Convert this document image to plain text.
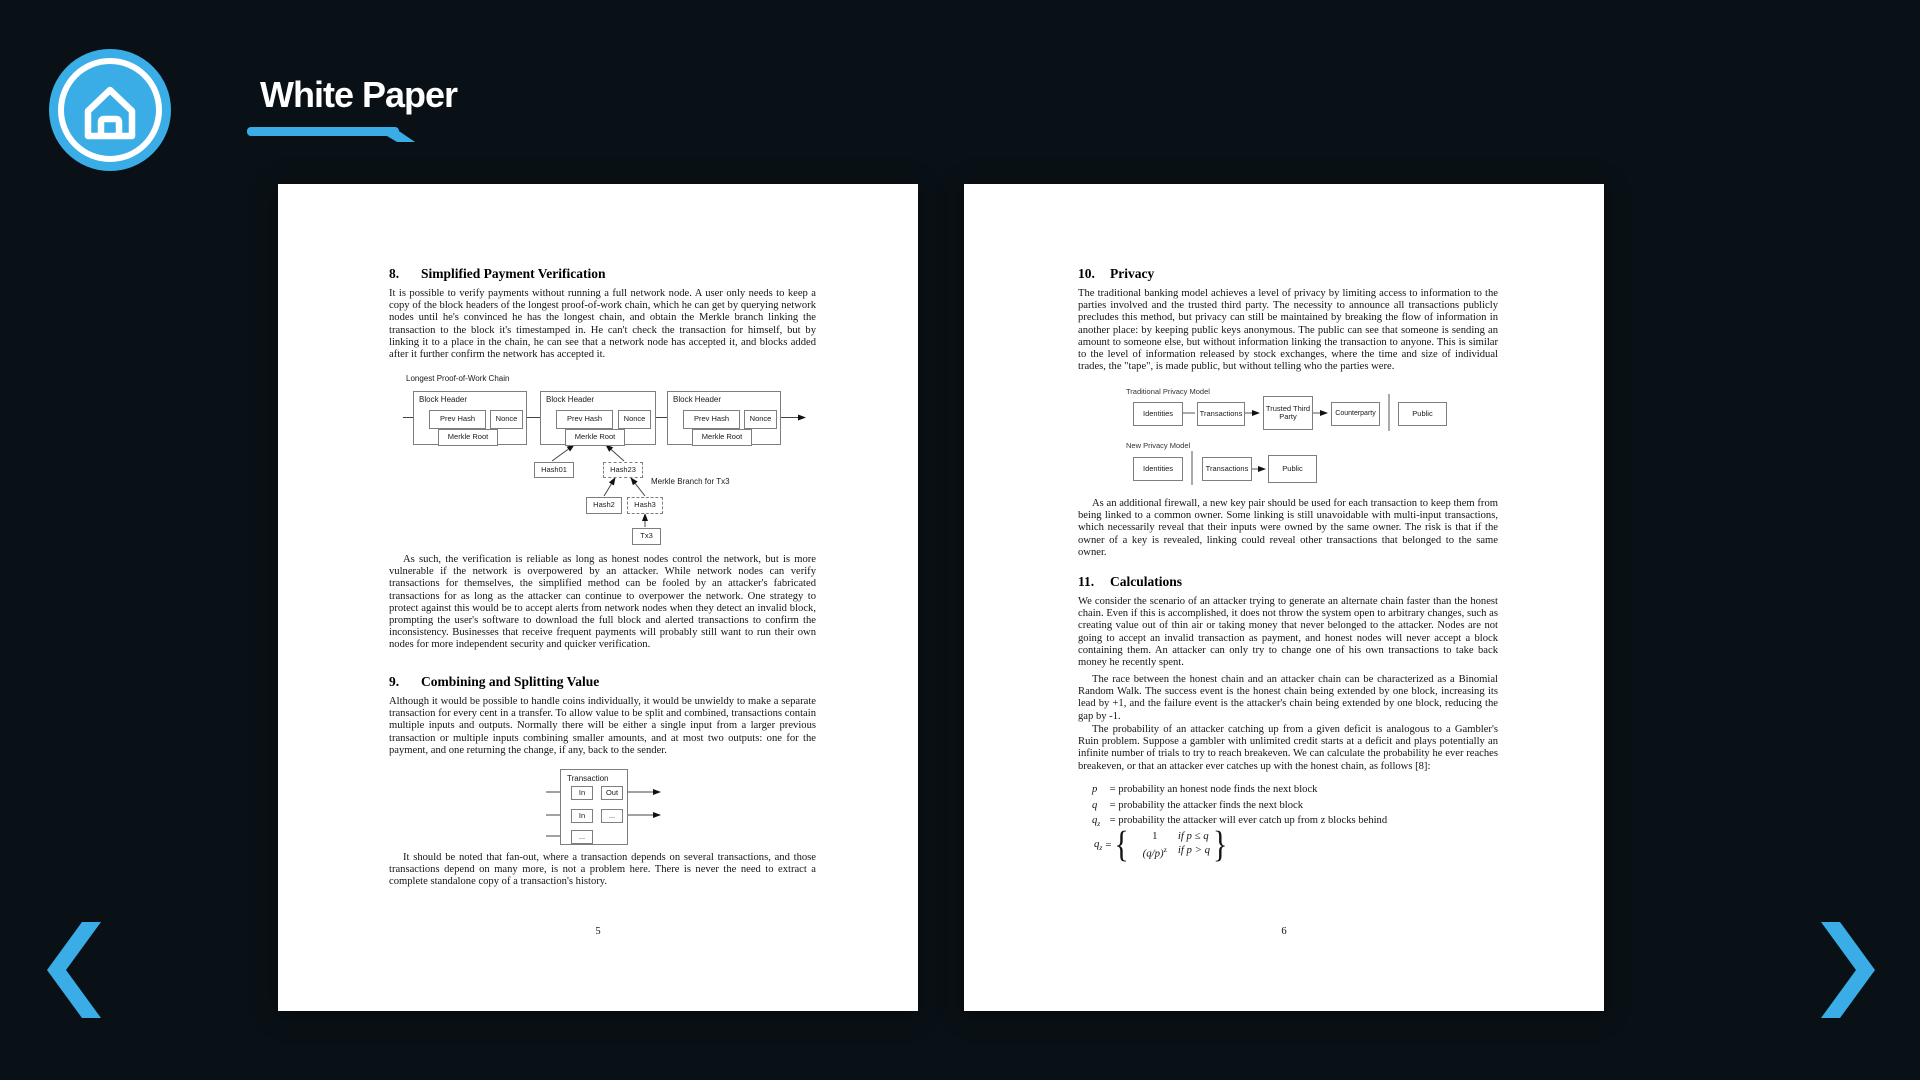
White Paper
8. Simplified Payment Verification

It is possible to verify payments without running a full network node. A user only needs to keep a copy of the block headers of the longest proof-of-work chain, which he can get by querying network nodes until he's convinced he has the longest chain, and obtain the Merkle branch linking the transaction to the block it's timestamped in. He can't check the transaction for himself, but by linking it to a place in the chain, he can see that a network node has accepted it, and blocks added after it further confirm the network has accepted it.

Longest Proof-of-Work Chain
Block Header
Prev Hash	Nonce
Merkle Root
Block Header
Prev Hash	Nonce
Merkle Root
Block Header
Prev Hash	Nonce
Merkle Root
Hash01	Hash23
Merkle Branch for Tx3
Hash2	Hash3
Tx3

As such, the verification is reliable as long as honest nodes control the network, but is more vulnerable if the network is overpowered by an attacker. While network nodes can verify transactions for themselves, the simplified method can be fooled by an attacker's fabricated transactions for as long as the attacker can continue to overpower the network. One strategy to protect against this would be to accept alerts from network nodes when they detect an invalid block, prompting the user's software to download the full block and alerted transactions to confirm the inconsistency. Businesses that receive frequent payments will probably still want to run their own nodes for more independent security and quicker verification.

9. Combining and Splitting Value

Although it would be possible to handle coins individually, it would be unwieldy to make a separate transaction for every cent in a transfer. To allow value to be split and combined, transactions contain multiple inputs and outputs. Normally there will be either a single input from a larger previous transaction or multiple inputs combining smaller amounts, and at most two outputs: one for the payment, and one returning the change, if any, back to the sender.

Transaction
In	Out
In	...
...

It should be noted that fan-out, where a transaction depends on several transactions, and those transactions depend on many more, is not a problem here. There is never the need to extract a complete standalone copy of a transaction's history.

5
10. Privacy

The traditional banking model achieves a level of privacy by limiting access to information to the parties involved and the trusted third party. The necessity to announce all transactions publicly precludes this method, but privacy can still be maintained by breaking the flow of information in another place: by keeping public keys anonymous. The public can see that someone is sending an amount to someone else, but without information linking the transaction to anyone. This is similar to the level of information released by stock exchanges, where the time and size of individual trades, the "tape", is made public, but without telling who the parties were.

Traditional Privacy Model
Identities	Transactions
Trusted Third Party	Counterparty	Public
New Privacy Model
Identities	Transactions	Public

As an additional firewall, a new key pair should be used for each transaction to keep them from being linked to a common owner. Some linking is still unavoidable with multi-input transactions, which necessarily reveal that their inputs were owned by the same owner. The risk is that if the owner of a key is revealed, linking could reveal other transactions that belonged to the same owner.

11. Calculations

We consider the scenario of an attacker trying to generate an alternate chain faster than the honest chain. Even if this is accomplished, it does not throw the system open to arbitrary changes, such as creating value out of thin air or taking money that never belonged to the attacker. Nodes are not going to accept an invalid transaction as payment, and honest nodes will never accept a block containing them. An attacker can only try to change one of his own transactions to take back money he recently spent.

The race between the honest chain and an attacker chain can be characterized as a Binomial Random Walk. The success event is the honest chain being extended by one block, increasing its lead by +1, and the failure event is the attacker's chain being extended by one block, reducing the gap by -1.

The probability of an attacker catching up from a given deficit is analogous to a Gambler's Ruin problem. Suppose a gambler with unlimited credit starts at a deficit and plays potentially an infinite number of trials to try to reach breakeven. We can calculate the probability he ever reaches breakeven, or that an attacker ever catches up with the honest chain, as follows [8]:

p = probability an honest node finds the next block
q = probability the attacker finds the next block
$q_z$ = probability the attacker will ever catch up from z blocks behind
$q_z$ = {	1	if p ≤ q
$(q/p)^z$	if p > q }
6
